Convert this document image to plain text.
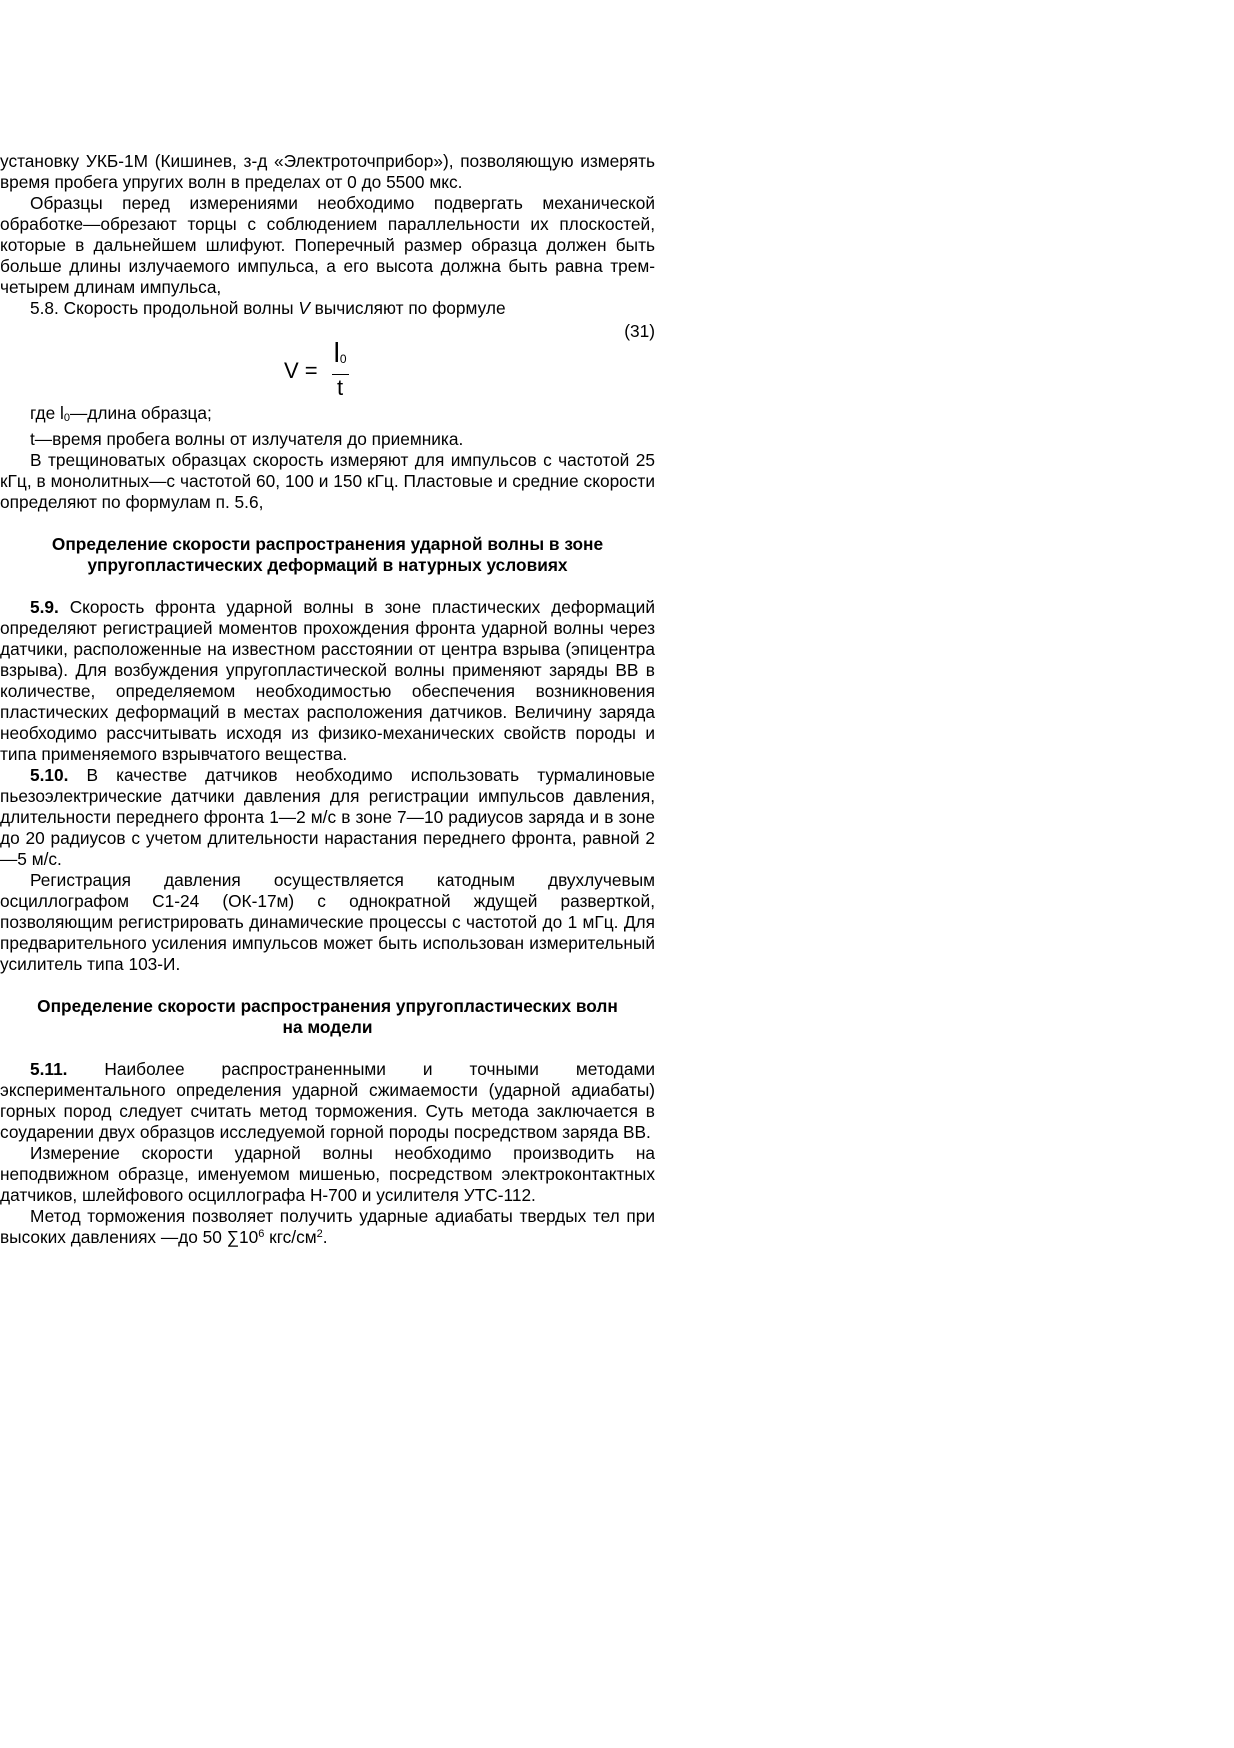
установку УКБ-1М (Кишинев, з-д «Электроточприбор»), позволяющую измерять время пробега упругих волн в пределах от 0 до 5500 мкс.

Образцы перед измерениями необходимо подвергать механической обработке—обрезают торцы с соблюдением параллельности их плоскостей, которые в дальнейшем шлифуют. Поперечный размер образца должен быть больше длины излучаемого импульса, а его высота должна быть равна трем-четырем длинам импульса,

5.8. Скорость продольной волны V вычисляют по формуле

(31)
$V = \frac{l_0}{t}$

где $l_0—длина$ образца;

t—время пробега волны от излучателя до приемника.

В трещиноватых образцах скорость измеряют для импульсов с частотой 25 кГц, в монолитных—с частотой 60, 100 и 150 кГц. Пластовые и средние скорости определяют по формулам п. 5.6,

Определение скорости распространения ударной волны в зоне упругопластических деформаций в натурных условиях

5.9. Скорость фронта ударной волны в зоне пластических деформаций определяют регистрацией моментов прохождения фронта ударной волны через датчики, расположенные на известном расстоянии от центра взрыва (эпицентра взрыва). Для возбуждения упругопластической волны применяют заряды ВВ в количестве, определяемом необходимостью обеспечения возникновения пластических деформаций в местах расположения датчиков. Величину заряда необходимо рассчитывать исходя из физико-механических свойств породы и типа применяемого взрывчатого вещества.

5.10. В качестве датчиков необходимо использовать турмалиновые пьезоэлектрические датчики давления для регистрации импульсов давления, длительности переднего фронта 1—2 м/с в зоне 7—10 радиусов заряда и в зоне до 20 радиусов с учетом длительности нарастания переднего фронта, равной 2—5 м/с.

Регистрация давления осуществляется катодным двухлучевым осциллографом С1-24 (ОК-17м) с однократной ждущей разверткой, позволяющим регистрировать динамические процессы с частотой до 1 мГц. Для предварительного усиления импульсов может быть использован измерительный усилитель типа 103-И.

Определение скорости распространения упругопластических волн на модели

5.11. Наиболее распространенными и точными методами экспериментального определения ударной сжимаемости (ударной адиабаты) горных пород следует считать метод торможения. Суть метода заключается в соударении двух образцов исследуемой горной породы посредством заряда ВВ.

Измерение скорости ударной волны необходимо производить на неподвижном образце, именуемом мишенью, посредством электроконтактных датчиков, шлейфового осциллографа Н-700 и усилителя УТС-112.

Метод торможения позволяет получить ударные адиабаты твердых тел при высоких давлениях —до 50 $\sum 10^6$ кгс/$см^2$.
